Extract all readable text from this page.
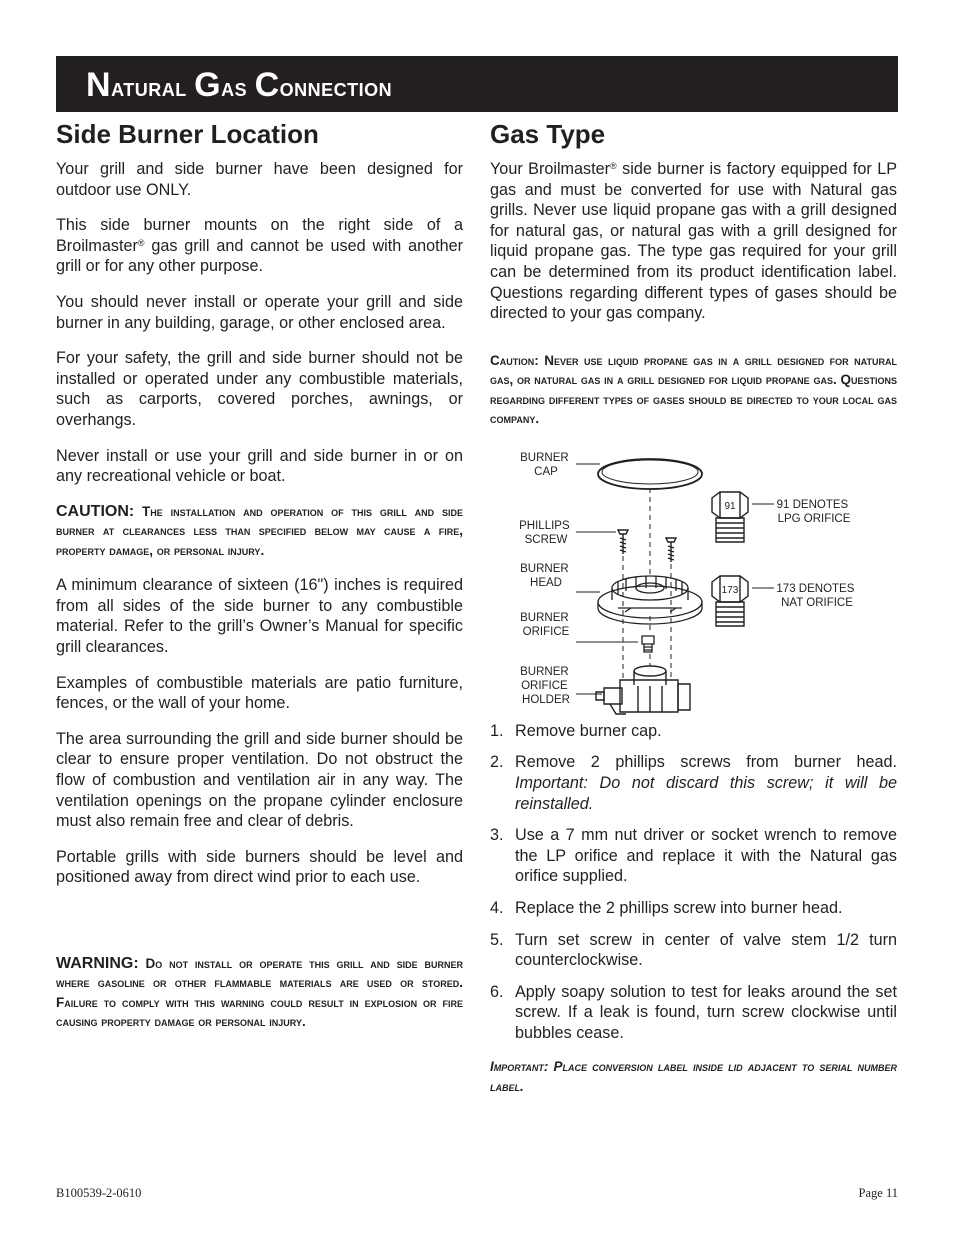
Natural Gas Connection
Side Burner Location

Your grill and side burner have been designed for outdoor use ONLY.

This side burner mounts on the right side of a Broilmaster® gas grill and cannot be used with another grill or for any other purpose.

You should never install or operate your grill and side burner in any building, garage, or other enclosed area.

For your safety, the grill and side burner should not be installed or operated under any combustible materials, such as carports, covered porches, awnings, or overhangs.

Never install or use your grill and side burner in or on any recreational vehicle or boat.

CAUTION: The installation and operation of this grill and side burner at clearances less than specified below may cause a fire, property damage, or personal injury.

A minimum clearance of sixteen (16") inches is required from all sides of the side burner to any combustible material. Refer to the grill’s Owner’s Manual for specific grill clearances.

Examples of combustible materials are patio furniture, fences, or the wall of your home.

The area surrounding the grill and side burner should be clear to ensure proper ventilation. Do not obstruct the flow of combustion and ventilation air in any way. The ventilation openings on the propane cylinder enclosure must also remain free and clear of debris.

Portable grills with side burners should be level and positioned away from direct wind prior to each use.

WARNING: Do not install or operate this grill and side burner where gasoline or other flammable materials are used or stored. Failure to comply with this warning could result in explosion or fire causing property damage or personal injury.
Gas Type

Your Broilmaster® side burner is factory equipped for LP gas and must be converted for use with Natural gas grills. Never use liquid propane gas with a grill designed for natural gas, or natural gas with a grill designed for liquid propane gas. The type gas required for your grill can be determined from its product identification label. Questions regarding different types of gases should be directed to your gas company.

Caution: Never use liquid propane gas in a grill designed for natural gas, or natural gas in a grill designed for liquid propane gas. Questions regarding different types of gases should be directed to your local gas company.
BURNER CAP
PHILLIPS SCREW
BURNER HEAD
BURNER ORIFICE
BURNER ORIFICE HOLDER
91	91 DENOTES LPG ORIFICE
173	173 DENOTES NAT ORIFICE
1. Remove burner cap.
2. Remove 2 phillips screws from burner head. Important: Do not discard this screw; it will be reinstalled.
3. Use a 7 mm nut driver or socket wrench to remove the LP orifice and replace it with the Natural gas orifice supplied.
4. Replace the 2 phillips screw into burner head.
5. Turn set screw in center of valve stem 1/2 turn counterclockwise.
6. Apply soapy solution to test for leaks around the set screw. If a leak is found, turn screw clockwise until bubbles cease.
Important: Place conversion label inside lid adjacent to serial number label.
B100539-2-0610	Page 11
